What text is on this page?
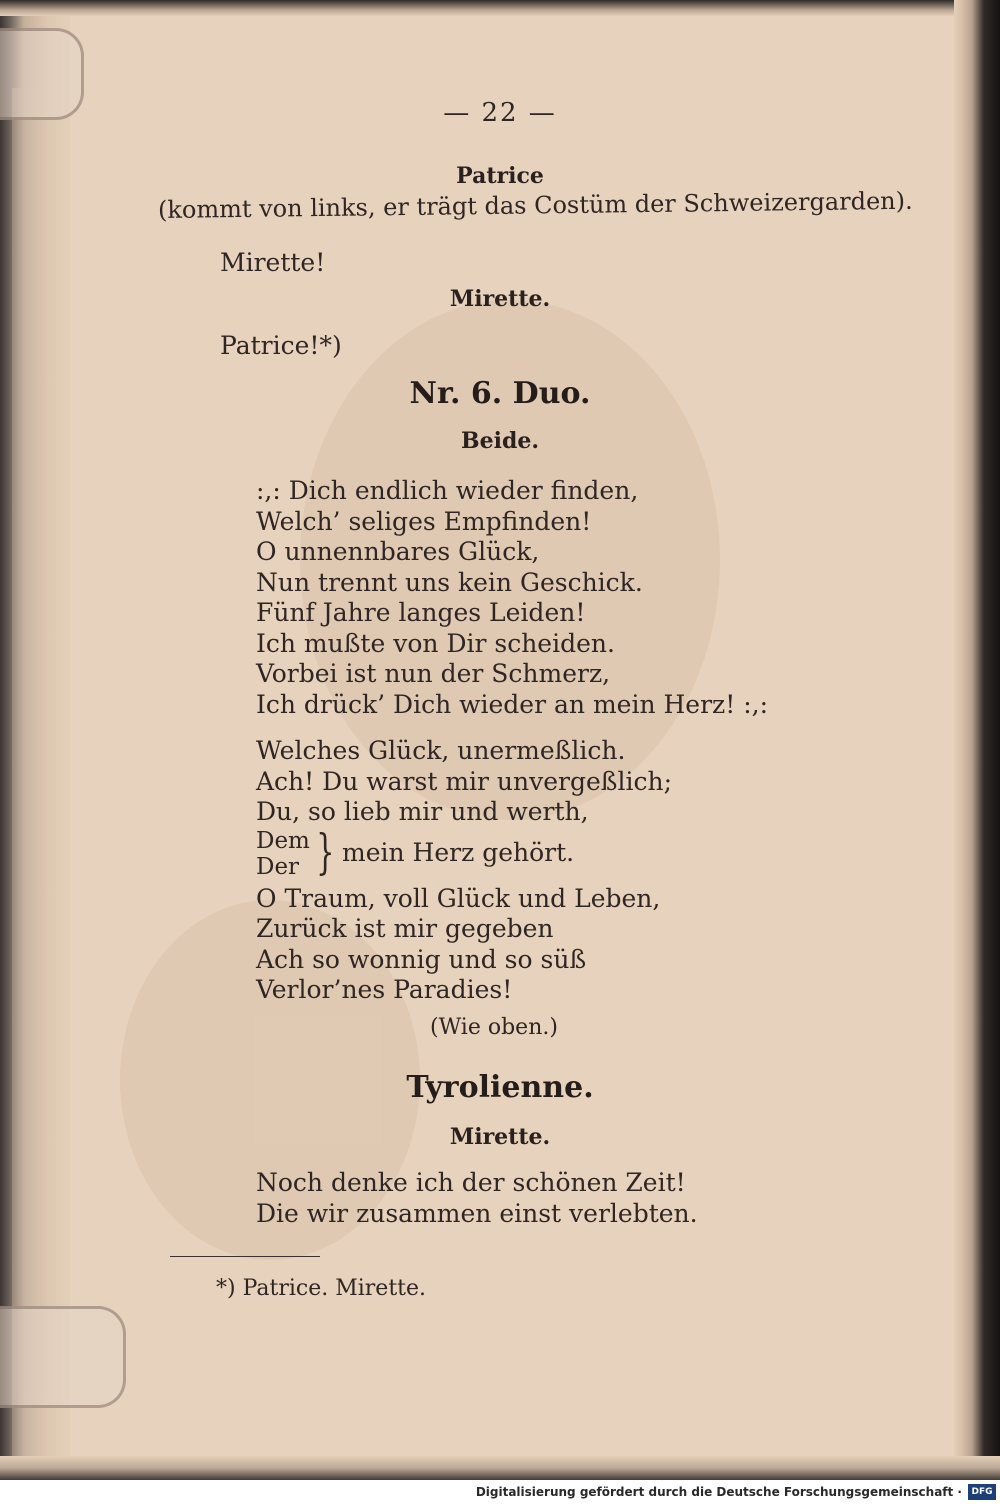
— 22 —
Patrice
(kommt von links, er trägt das Costüm der Schweizergarden).
Mirette!
Mirette.
Patrice!*)
Nr. 6. Duo.
Beide.
:,: Dich endlich wieder finden,
Welch’ seliges Empfinden!
O unnennbares Glück,
Nun trennt uns kein Geschick.
Fünf Jahre langes Leiden!
Ich mußte von Dir scheiden.
Vorbei ist nun der Schmerz,
Ich drück’ Dich wieder an mein Herz! :,:
Welches Glück, unermeßlich.
Ach! Du warst mir unvergeßlich;
Du, so lieb mir und werth,
Dem
Der } mein Herz gehört.
O Traum, voll Glück und Leben,
Zurück ist mir gegeben
Ach so wonnig und so süß
Verlor’nes Paradies!
(Wie oben.)
Tyrolienne.
Mirette.
Noch denke ich der schönen Zeit!
Die wir zusammen einst verlebten.
*) Patrice. Mirette.
Digitalisierung gefördert durch die Deutsche Forschungsgemeinschaft ·	DFG
